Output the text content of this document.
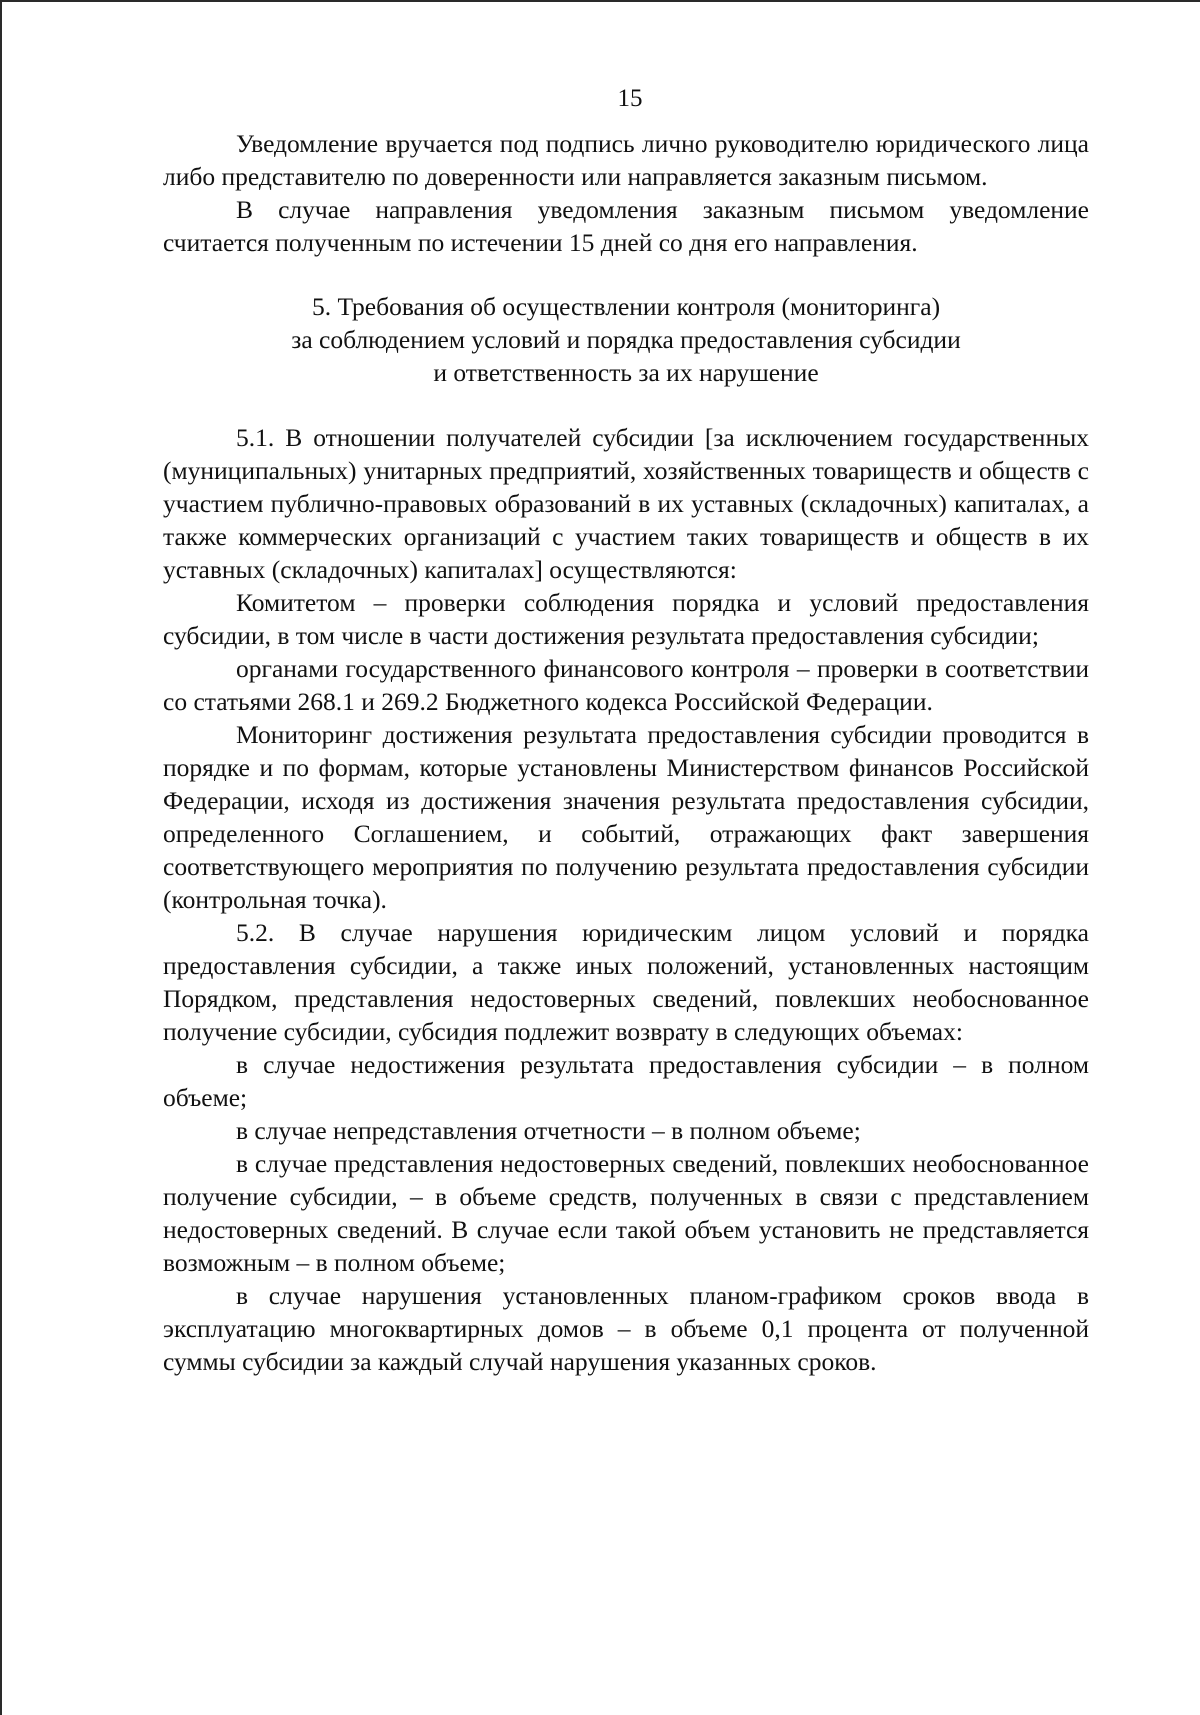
15

Уведомление вручается под подпись лично руководителю юридического лица либо представителю по доверенности или направляется заказным письмом.

В случае направления уведомления заказным письмом уведомление считается полученным по истечении 15 дней со дня его направления.

5. Требования об осуществлении контроля (мониторинга)
за соблюдением условий и порядка предоставления субсидии
и ответственность за их нарушение

5.1. В отношении получателей субсидии [за исключением государственных (муниципальных) унитарных предприятий, хозяйственных товариществ и обществ с участием публично-правовых образований в их уставных (складочных) капиталах, а также коммерческих организаций с участием таких товариществ и обществ в их уставных (складочных) капиталах] осуществляются:

Комитетом – проверки соблюдения порядка и условий предоставления субсидии, в том числе в части достижения результата предоставления субсидии;

органами государственного финансового контроля – проверки в соответствии со статьями 268.1 и 269.2 Бюджетного кодекса Российской Федерации.

Мониторинг достижения результата предоставления субсидии проводится в порядке и по формам, которые установлены Министерством финансов Российской Федерации, исходя из достижения значения результата предоставления субсидии, определенного Соглашением, и событий, отражающих факт завершения соответствующего мероприятия по получению результата предоставления субсидии (контрольная точка).

5.2. В случае нарушения юридическим лицом условий и порядка предоставления субсидии, а также иных положений, установленных настоящим Порядком, представления недостоверных сведений, повлекших необоснованное получение субсидии, субсидия подлежит возврату в следующих объемах:

в случае недостижения результата предоставления субсидии – в полном объеме;

в случае непредставления отчетности – в полном объеме;

в случае представления недостоверных сведений, повлекших необоснованное получение субсидии, – в объеме средств, полученных в связи с представлением недостоверных сведений. В случае если такой объем установить не представляется возможным – в полном объеме;

в случае нарушения установленных планом-графиком сроков ввода в эксплуатацию многоквартирных домов – в объеме 0,1 процента от полученной суммы субсидии за каждый случай нарушения указанных сроков.
